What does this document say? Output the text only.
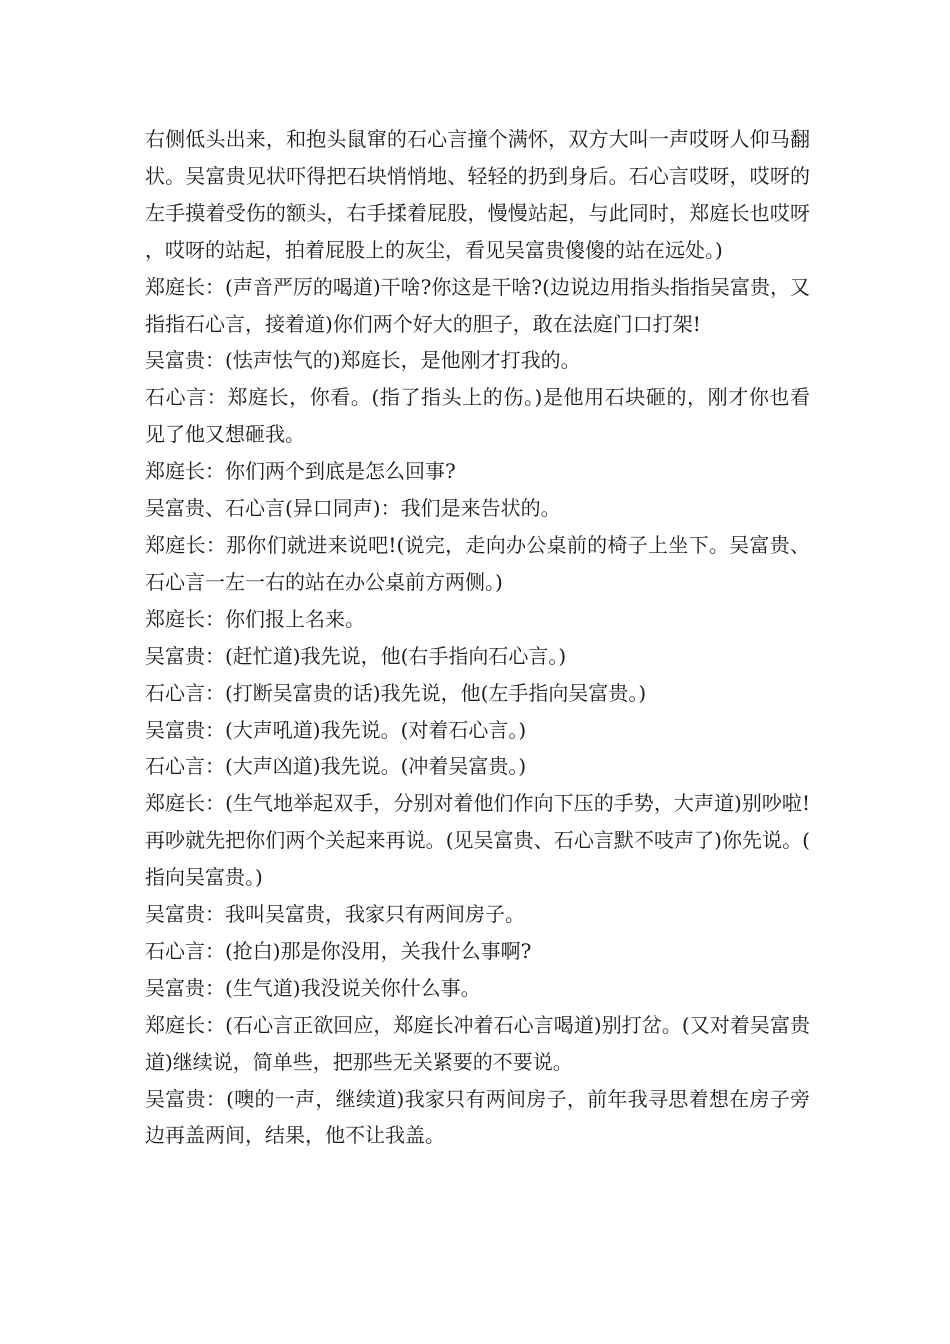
右侧低头出来，和抱头鼠窜的石心言撞个满怀，双方大叫一声哎呀人仰马翻状。吴富贵见状吓得把石块悄悄地、轻轻的扔到身后。石心言哎呀，哎呀的左手摸着受伤的额头，右手揉着屁股，慢慢站起，与此同时，郑庭长也哎呀，哎呀的站起，拍着屁股上的灰尘，看见吴富贵傻傻的站在远处。)

郑庭长：(声音严厉的喝道)干啥?你这是干啥?(边说边用指头指指吴富贵，又指指石心言，接着道)你们两个好大的胆子，敢在法庭门口打架!

吴富贵：(怯声怯气的)郑庭长，是他刚才打我的。

石心言：郑庭长，你看。(指了指头上的伤。)是他用石块砸的，刚才你也看见了他又想砸我。

郑庭长：你们两个到底是怎么回事?

吴富贵、石心言(异口同声)：我们是来告状的。

郑庭长：那你们就进来说吧!(说完，走向办公桌前的椅子上坐下。吴富贵、石心言一左一右的站在办公桌前方两侧。)

郑庭长：你们报上名来。

吴富贵：(赶忙道)我先说，他(右手指向石心言。)

石心言：(打断吴富贵的话)我先说，他(左手指向吴富贵。)

吴富贵：(大声吼道)我先说。(对着石心言。)

石心言：(大声凶道)我先说。(冲着吴富贵。)

郑庭长：(生气地举起双手，分别对着他们作向下压的手势，大声道)别吵啦!再吵就先把你们两个关起来再说。(见吴富贵、石心言默不吱声了)你先说。(指向吴富贵。)

吴富贵：我叫吴富贵，我家只有两间房子。

石心言：(抢白)那是你没用，关我什么事啊?

吴富贵：(生气道)我没说关你什么事。

郑庭长：(石心言正欲回应，郑庭长冲着石心言喝道)别打岔。(又对着吴富贵道)继续说，简单些，把那些无关紧要的不要说。

吴富贵：(噢的一声，继续道)我家只有两间房子，前年我寻思着想在房子旁边再盖两间，结果，他不让我盖。
